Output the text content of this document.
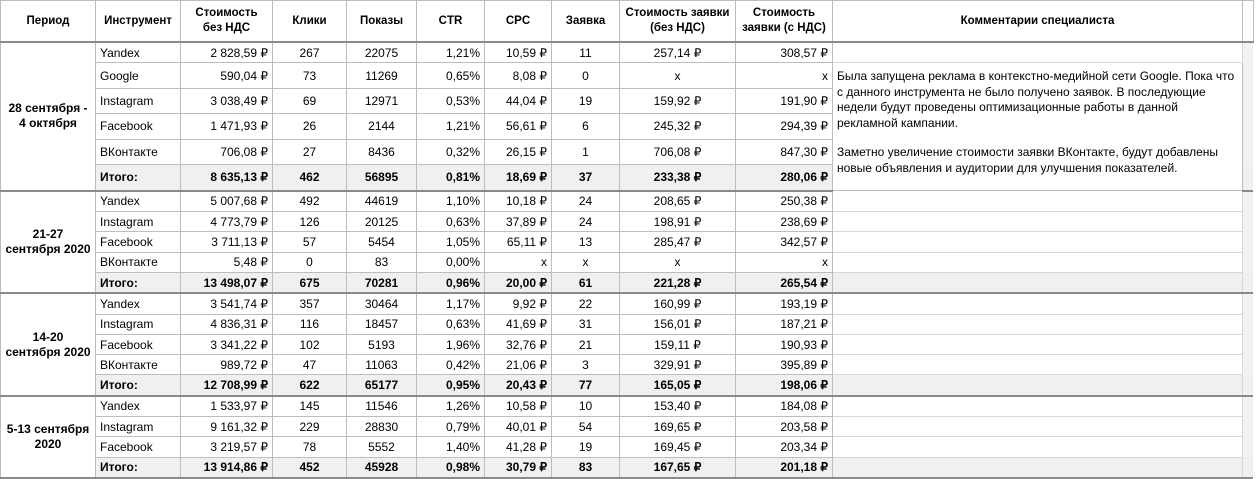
Период	Инструмент	Стоимость без НДС	Клики	Показы	CTR	CPC	Заявка	Стоимость заявки (без НДС)	Стоимость заявки (с НДС)	Комментарии специалиста	
28 сентября - 4 октября	Yandex	2 828,59 ₽	267	22075	1,21%	10,59 ₽	11	257,14 ₽	308,57 ₽		
	Google	590,04 ₽	73	11269	0,65%	8,08 ₽	0	x	x	Была запущена реклама в контекстно-медийной сети Google. Пока что с данного инструмента не было получено заявок. В последующие недели будут проведены оптимизационные работы в данной рекламной кампании.

Заметно увеличение стоимости заявки ВКонтакте, будут добавлены новые объявления и аудитории для улучшения показателей.	

	Instagram	3 038,49 ₽	69	12971	0,53%	44,04 ₽	19	159,92 ₽	191,90 ₽		
	Facebook	1 471,93 ₽	26	2144	1,21%	56,61 ₽	6	245,32 ₽	294,39 ₽		
	ВКонтакте	706,08 ₽	27	8436	0,32%	26,15 ₽	1	706,08 ₽	847,30 ₽		
	Итого:	8 635,13 ₽	462	56895	0,81%	18,69 ₽	37	233,38 ₽	280,06 ₽		
21-27 сентября 2020	Yandex	5 007,68 ₽	492	44619	1,10%	10,18 ₽	24	208,65 ₽	250,38 ₽		
	Instagram	4 773,79 ₽	126	20125	0,63%	37,89 ₽	24	198,91 ₽	238,69 ₽		
	Facebook	3 711,13 ₽	57	5454	1,05%	65,11 ₽	13	285,47 ₽	342,57 ₽		
	ВКонтакте	5,48 ₽	0	83	0,00%	x	x	x	x		
	Итого:	13 498,07 ₽	675	70281	0,96%	20,00 ₽	61	221,28 ₽	265,54 ₽		
14-20 сентября 2020	Yandex	3 541,74 ₽	357	30464	1,17%	9,92 ₽	22	160,99 ₽	193,19 ₽		
	Instagram	4 836,31 ₽	116	18457	0,63%	41,69 ₽	31	156,01 ₽	187,21 ₽		
	Facebook	3 341,22 ₽	102	5193	1,96%	32,76 ₽	21	159,11 ₽	190,93 ₽		
	ВКонтакте	989,72 ₽	47	11063	0,42%	21,06 ₽	3	329,91 ₽	395,89 ₽		
	Итого:	12 708,99 ₽	622	65177	0,95%	20,43 ₽	77	165,05 ₽	198,06 ₽		
5-13 сентября 2020	Yandex	1 533,97 ₽	145	11546	1,26%	10,58 ₽	10	153,40 ₽	184,08 ₽		
	Instagram	9 161,32 ₽	229	28830	0,79%	40,01 ₽	54	169,65 ₽	203,58 ₽		
	Facebook	3 219,57 ₽	78	5552	1,40%	41,28 ₽	19	169,45 ₽	203,34 ₽		
	Итого:	13 914,86 ₽	452	45928	0,98%	30,79 ₽	83	167,65 ₽	201,18 ₽		
